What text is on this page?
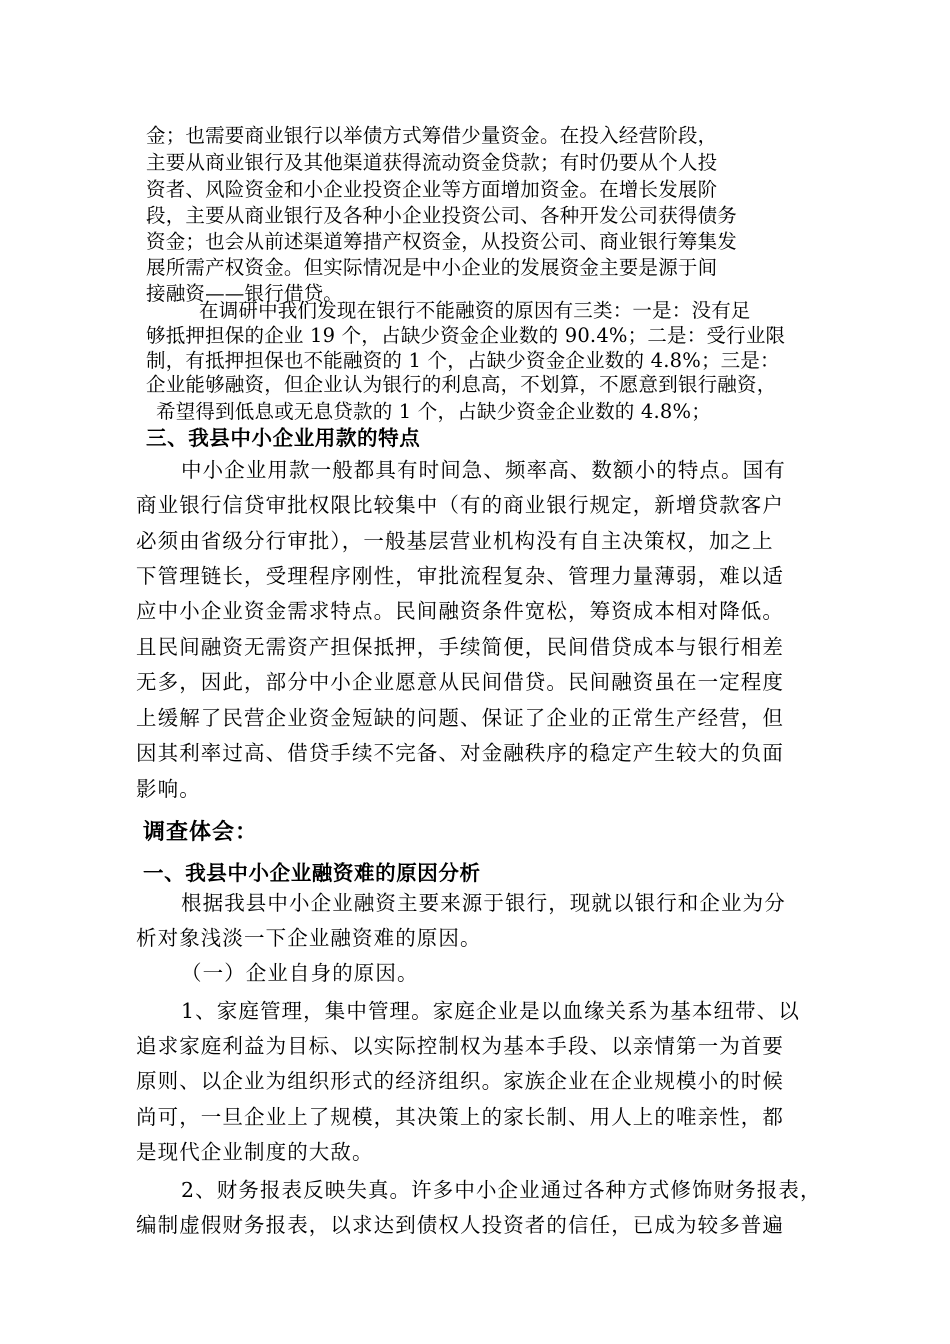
金；也需要商业银行以举债方式筹借少量资金。在投入经营阶段，
主要从商业银行及其他渠道获得流动资金贷款；有时仍要从个人投
资者、风险资金和小企业投资企业等方面增加资金。在增长发展阶
段，主要从商业银行及各种小企业投资公司、各种开发公司获得债务
资金；也会从前述渠道筹措产权资金，从投资公司、商业银行筹集发
展所需产权资金。但实际情况是中小企业的发展资金主要是源于间
接融资——银行借贷。
在调研中我们发现在银行不能融资的原因有三类：一是：没有足
够抵押担保的企业 19 个，占缺少资金企业数的 90.4%；二是：受行业限
制，有抵押担保也不能融资的 1 个，占缺少资金企业数的 4.8%；三是：
企业能够融资，但企业认为银行的利息高，不划算，不愿意到银行融资，
希望得到低息或无息贷款的 1 个，占缺少资金企业数的 4.8%；
三、我县中小企业用款的特点
中小企业用款一般都具有时间急、频率高、数额小的特点。国有
商业银行信贷审批权限比较集中（有的商业银行规定，新增贷款客户
必须由省级分行审批），一般基层营业机构没有自主决策权，加之上
下管理链长，受理程序刚性，审批流程复杂、管理力量薄弱，难以适
应中小企业资金需求特点。民间融资条件宽松，筹资成本相对降低。
且民间融资无需资产担保抵押，手续简便，民间借贷成本与银行相差
无多，因此，部分中小企业愿意从民间借贷。民间融资虽在一定程度
上缓解了民营企业资金短缺的问题、保证了企业的正常生产经营，但
因其利率过高、借贷手续不完备、对金融秩序的稳定产生较大的负面
影响。
调查体会：
一、我县中小企业融资难的原因分析
根据我县中小企业融资主要来源于银行，现就以银行和企业为分
析对象浅淡一下企业融资难的原因。
（一）企业自身的原因。
1、家庭管理，集中管理。家庭企业是以血缘关系为基本纽带、以
追求家庭利益为目标、以实际控制权为基本手段、以亲情第一为首要
原则、以企业为组织形式的经济组织。家族企业在企业规模小的时候
尚可，一旦企业上了规模，其决策上的家长制、用人上的唯亲性，都
是现代企业制度的大敌。
2、财务报表反映失真。许多中小企业通过各种方式修饰财务报表，
编制虚假财务报表，以求达到债权人投资者的信任，已成为较多普遍
